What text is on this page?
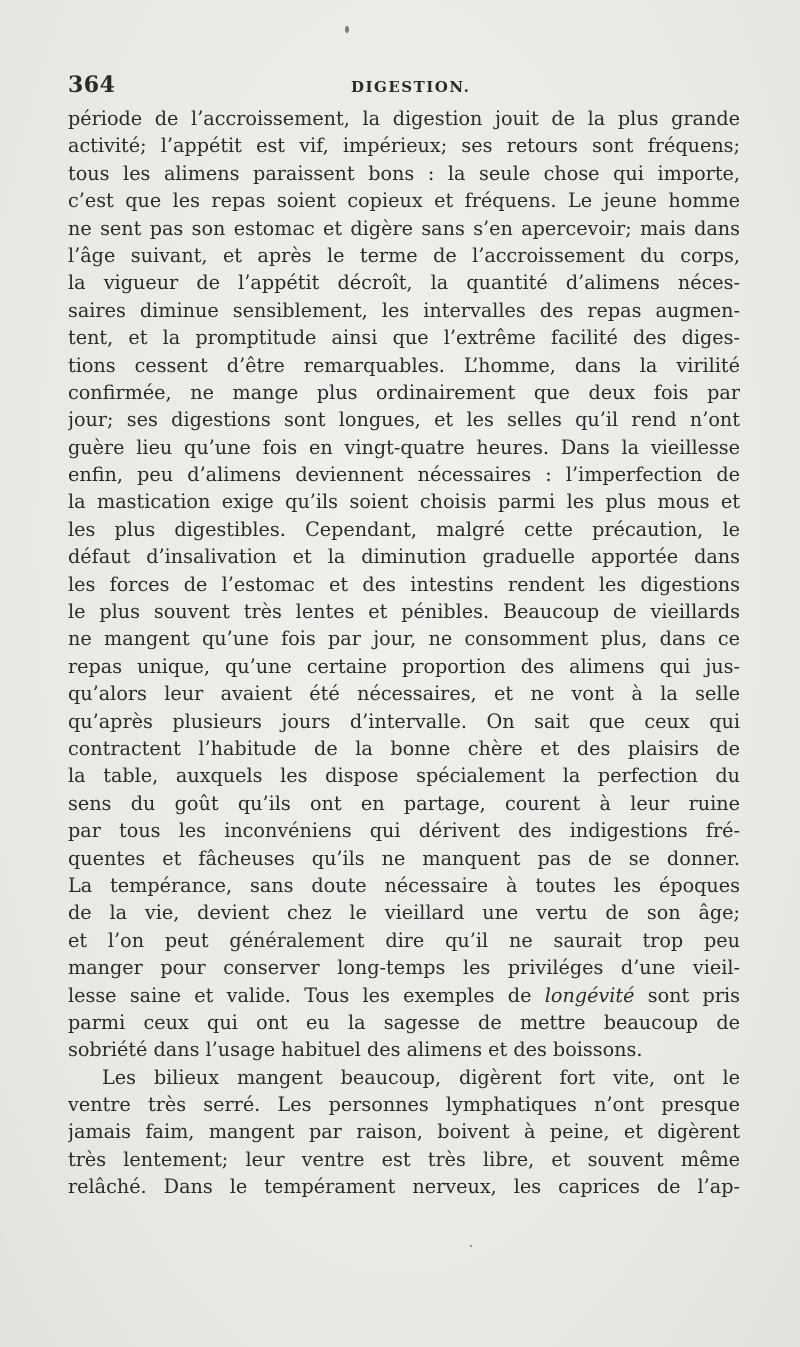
364	DIGESTION.
période de l’accroissement, la digestion jouit de la plus grande
activité; l’appétit est vif, impérieux; ses retours sont fréquens;
tous les alimens paraissent bons : la seule chose qui importe,
c’est que les repas soient copieux et fréquens. Le jeune homme
ne sent pas son estomac et digère sans s’en apercevoir; mais dans
l’âge suivant, et après le terme de l’accroissement du corps,
la vigueur de l’appétit décroît, la quantité d’alimens néces-
saires diminue sensiblement, les intervalles des repas augmen-
tent, et la promptitude ainsi que l’extrême facilité des diges-
tions cessent d’être remarquables. L’homme, dans la virilité
confirmée, ne mange plus ordinairement que deux fois par
jour; ses digestions sont longues, et les selles qu’il rend n’ont
guère lieu qu’une fois en vingt-quatre heures. Dans la vieillesse
enfin, peu d’alimens deviennent nécessaires : l’imperfection de
la mastication exige qu’ils soient choisis parmi les plus mous et
les plus digestibles. Cependant, malgré cette précaution, le
défaut d’insalivation et la diminution graduelle apportée dans
les forces de l’estomac et des intestins rendent les digestions
le plus souvent très lentes et pénibles. Beaucoup de vieillards
ne mangent qu’une fois par jour, ne consomment plus, dans ce
repas unique, qu’une certaine proportion des alimens qui jus-
qu’alors leur avaient été nécessaires, et ne vont à la selle
qu’après plusieurs jours d’intervalle. On sait que ceux qui
contractent l’habitude de la bonne chère et des plaisirs de
la table, auxquels les dispose spécialement la perfection du
sens du goût qu’ils ont en partage, courent à leur ruine
par tous les inconvéniens qui dérivent des indigestions fré-
quentes et fâcheuses qu’ils ne manquent pas de se donner.
La tempérance, sans doute nécessaire à toutes les époques
de la vie, devient chez le vieillard une vertu de son âge;
et l’on peut généralement dire qu’il ne saurait trop peu
manger pour conserver long-temps les priviléges d’une vieil-
lesse saine et valide. Tous les exemples de longévité sont pris
parmi ceux qui ont eu la sagesse de mettre beaucoup de
sobriété dans l’usage habituel des alimens et des boissons.
Les bilieux mangent beaucoup, digèrent fort vite, ont le
ventre très serré. Les personnes lymphatiques n’ont presque
jamais faim, mangent par raison, boivent à peine, et digèrent
très lentement; leur ventre est très libre, et souvent même
relâché. Dans le tempérament nerveux, les caprices de l’ap-
